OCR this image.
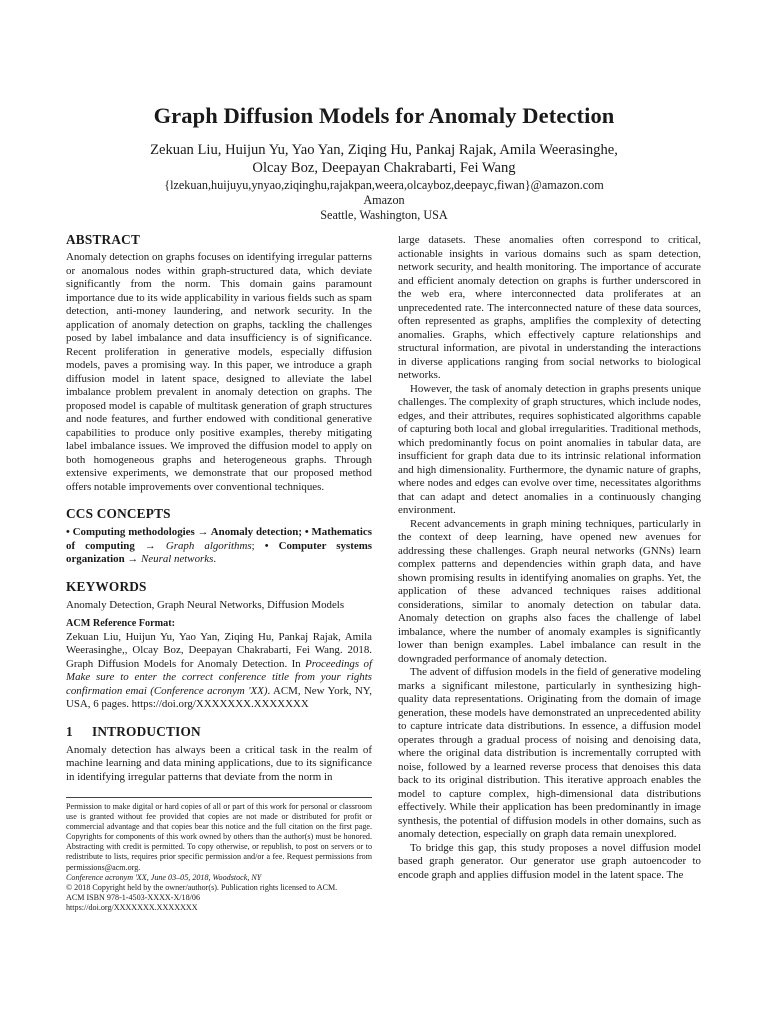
Graph Diffusion Models for Anomaly Detection
Zekuan Liu, Huijun Yu, Yao Yan, Ziqing Hu, Pankaj Rajak, Amila Weerasinghe,
Olcay Boz, Deepayan Chakrabarti, Fei Wang
{lzekuan,huijuyu,ynyao,ziqinghu,rajakpan,weera,olcayboz,deepayc,fiwan}@amazon.com
Amazon
Seattle, Washington, USA
ABSTRACT

Anomaly detection on graphs focuses on identifying irregular patterns or anomalous nodes within graph-structured data, which deviate significantly from the norm. This domain gains paramount importance due to its wide applicability in various fields such as spam detection, anti-money laundering, and network security. In the application of anomaly detection on graphs, tackling the challenges posed by label imbalance and data insufficiency is of significance. Recent proliferation in generative models, especially diffusion models, paves a promising way. In this paper, we introduce a graph diffusion model in latent space, designed to alleviate the label imbalance problem prevalent in anomaly detection on graphs. The proposed model is capable of multitask generation of graph structures and node features, and further endowed with conditional generative capabilities to produce only positive examples, thereby mitigating label imbalance issues. We improved the diffusion model to apply on both homogeneous graphs and heterogeneous graphs. Through extensive experiments, we demonstrate that our proposed method offers notable improvements over conventional techniques.

CCS CONCEPTS

• Computing methodologies → Anomaly detection; • Mathematics of computing → Graph algorithms; • Computer systems organization → Neural networks.

KEYWORDS

Anomaly Detection, Graph Neural Networks, Diffusion Models

ACM Reference Format:

Zekuan Liu, Huijun Yu, Yao Yan, Ziqing Hu, Pankaj Rajak, Amila Weerasinghe,, Olcay Boz, Deepayan Chakrabarti, Fei Wang. 2018. Graph Diffusion Models for Anomaly Detection. In Proceedings of Make sure to enter the correct conference title from your rights confirmation emai (Conference acronym 'XX). ACM, New York, NY, USA, 6 pages. https://doi.org/XXXXXXX.XXXXXXX

1 INTRODUCTION

Anomaly detection has always been a critical task in the realm of machine learning and data mining applications, due to its significance in identifying irregular patterns that deviate from the norm in

Permission to make digital or hard copies of all or part of this work for personal or classroom use is granted without fee provided that copies are not made or distributed for profit or commercial advantage and that copies bear this notice and the full citation on the first page. Copyrights for components of this work owned by others than the author(s) must be honored. Abstracting with credit is permitted. To copy otherwise, or republish, to post on servers or to redistribute to lists, requires prior specific permission and/or a fee. Request permissions from permissions@acm.org.

Conference acronym 'XX, June 03–05, 2018, Woodstock, NY

© 2018 Copyright held by the owner/author(s). Publication rights licensed to ACM.

ACM ISBN 978-1-4503-XXXX-X/18/06

https://doi.org/XXXXXXX.XXXXXXX

large datasets. These anomalies often correspond to critical, actionable insights in various domains such as spam detection, network security, and health monitoring. The importance of accurate and efficient anomaly detection on graphs is further underscored in the web era, where interconnected data proliferates at an unprecedented rate. The interconnected nature of these data sources, often represented as graphs, amplifies the complexity of detecting anomalies. Graphs, which effectively capture relationships and structural information, are pivotal in understanding the interactions in diverse applications ranging from social networks to biological networks.

However, the task of anomaly detection in graphs presents unique challenges. The complexity of graph structures, which include nodes, edges, and their attributes, requires sophisticated algorithms capable of capturing both local and global irregularities. Traditional methods, which predominantly focus on point anomalies in tabular data, are insufficient for graph data due to its intrinsic relational information and high dimensionality. Furthermore, the dynamic nature of graphs, where nodes and edges can evolve over time, necessitates algorithms that can adapt and detect anomalies in a continuously changing environment.

Recent advancements in graph mining techniques, particularly in the context of deep learning, have opened new avenues for addressing these challenges. Graph neural networks (GNNs) learn complex patterns and dependencies within graph data, and have shown promising results in identifying anomalies on graphs. Yet, the application of these advanced techniques raises additional considerations, similar to anomaly detection on tabular data. Anomaly detection on graphs also faces the challenge of label imbalance, where the number of anomaly examples is significantly lower than benign examples. Label imbalance can result in the downgraded performance of anomaly detection.

The advent of diffusion models in the field of generative modeling marks a significant milestone, particularly in synthesizing high-quality data representations. Originating from the domain of image generation, these models have demonstrated an unprecedented ability to capture intricate data distributions. In essence, a diffusion model operates through a gradual process of noising and denoising data, where the original data distribution is incrementally corrupted with noise, followed by a learned reverse process that denoises this data back to its original distribution. This iterative approach enables the model to capture complex, high-dimensional data distributions effectively. While their application has been predominantly in image synthesis, the potential of diffusion models in other domains, such as anomaly detection, especially on graph data remain unexplored.

To bridge this gap, this study proposes a novel diffusion model based graph generator. Our generator use graph autoencoder to encode graph and applies diffusion model in the latent space. The
